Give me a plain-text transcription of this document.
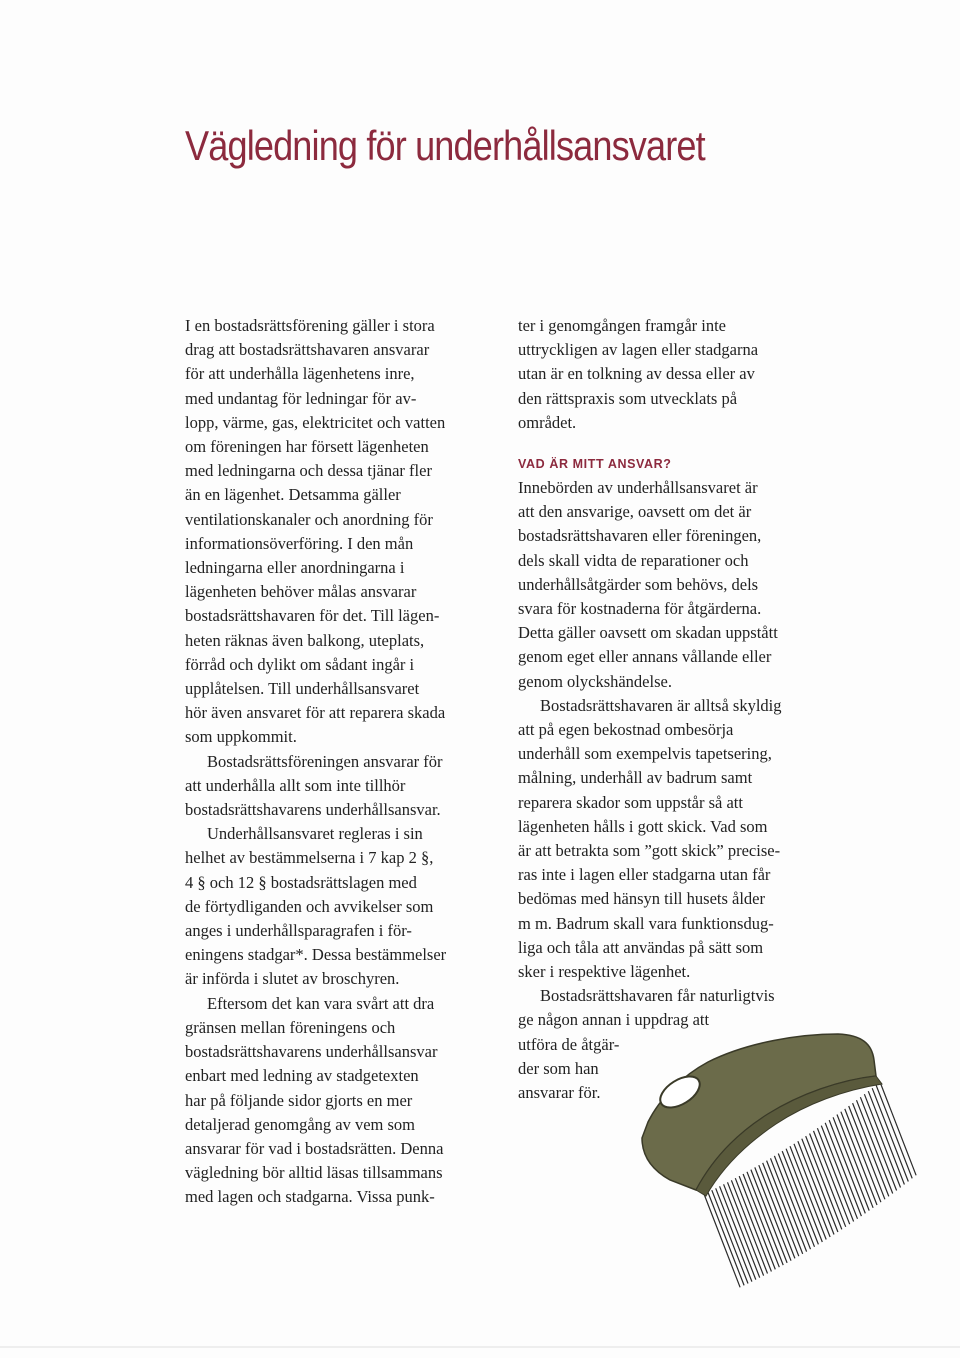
Vägledning för underhållsansvaret

I en bostadsrättsförening gäller i stora
drag att bostadsrättshavaren ansvarar
för att underhålla lägenhetens inre,
med undantag för ledningar för av-
lopp, värme, gas, elektricitet och vatten
om föreningen har försett lägenheten
med ledningarna och dessa tjänar fler
än en lägenhet. Detsamma gäller
ventilationskanaler och anordning för
informationsöverföring. I den mån
ledningarna eller anordningarna i
lägenheten behöver målas ansvarar
bostadsrättshavaren för det. Till lägen-
heten räknas även balkong, uteplats,
förråd och dylikt om sådant ingår i
upplåtelsen. Till underhållsansvaret
hör även ansvaret för att reparera skada
som uppkommit.

Bostadsrättsföreningen ansvarar för
att underhålla allt som inte tillhör
bostadsrättshavarens underhållsansvar.

Underhållsansvaret regleras i sin
helhet av bestämmelserna i 7 kap 2 §,
4 § och 12 § bostadsrättslagen med
de förtydliganden och avvikelser som
anges i underhållsparagrafen i för-
eningens stadgar*. Dessa bestämmelser
är införda i slutet av broschyren.

Eftersom det kan vara svårt att dra
gränsen mellan föreningens och
bostadsrättshavarens underhållsansvar
enbart med ledning av stadgetexten
har på följande sidor gjorts en mer
detaljerad genomgång av vem som
ansvarar för vad i bostadsrätten. Denna
vägledning bör alltid läsas tillsammans
med lagen och stadgarna. Vissa punk-

ter i genomgången framgår inte
uttryckligen av lagen eller stadgarna
utan är en tolkning av dessa eller av
den rättspraxis som utvecklats på
området.

VAD ÄR MITT ANSVAR?

Innebörden av underhållsansvaret är
att den ansvarige, oavsett om det är
bostadsrättshavaren eller föreningen,
dels skall vidta de reparationer och
underhållsåtgärder som behövs, dels
svara för kostnaderna för åtgärderna.
Detta gäller oavsett om skadan uppstått
genom eget eller annans vållande eller
genom olyckshändelse.

Bostadsrättshavaren är alltså skyldig
att på egen bekostnad ombesörja
underhåll som exempelvis tapetsering,
målning, underhåll av badrum samt
reparera skador som uppstår så att
lägenheten hålls i gott skick. Vad som
är att betrakta som ”gott skick” precise-
ras inte i lagen eller stadgarna utan får
bedömas med hänsyn till husets ålder
m m. Badrum skall vara funktionsdug-
liga och tåla att användas på sätt som
sker i respektive lägenhet.

Bostadsrättshavaren får naturligtvis
ge någon annan i uppdrag att
utföra de åtgär-
der som han
ansvarar för.
